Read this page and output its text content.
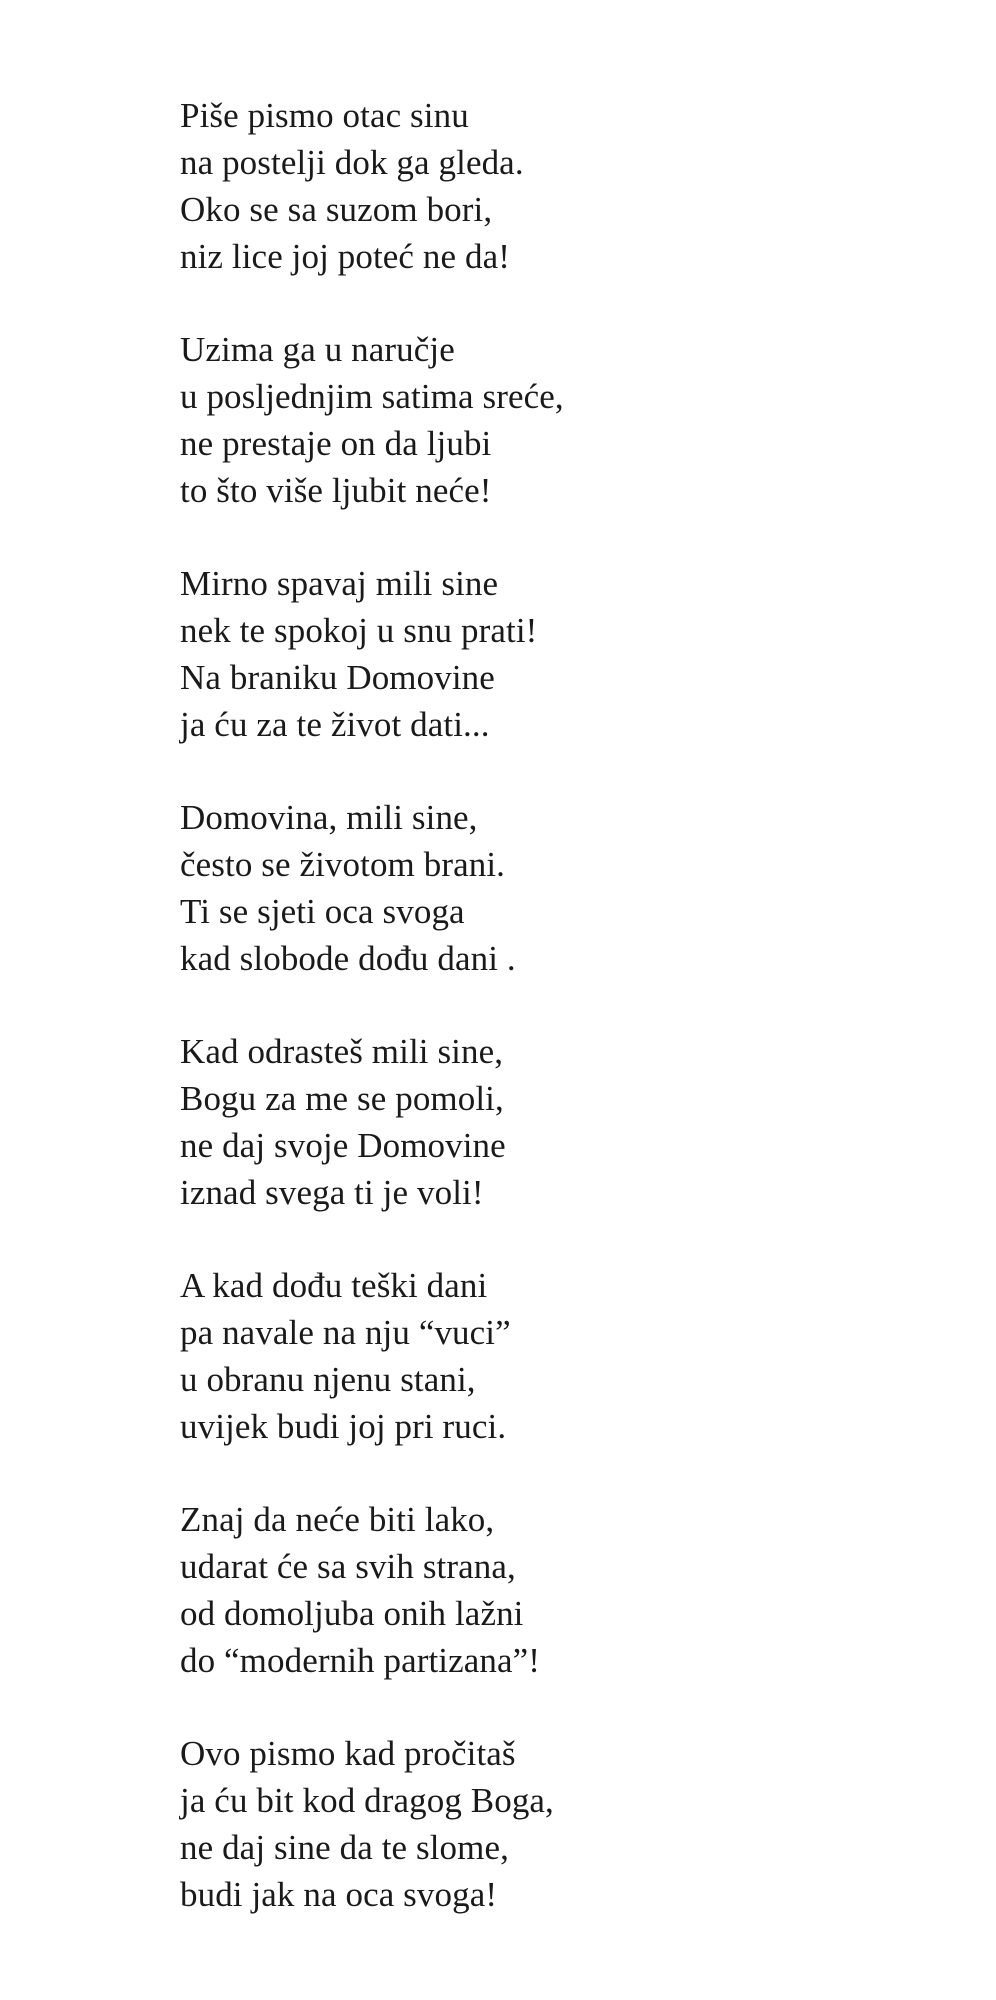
Piše pismo otac sinu
na postelji dok ga gleda.
Oko se sa suzom bori,
niz lice joj poteć ne da!
Uzima ga u naručje
u posljednjim satima sreće,
ne prestaje on da ljubi
to što više ljubit neće!
Mirno spavaj mili sine
nek te spokoj u snu prati!
Na braniku Domovine
ja ću za te život dati...
Domovina, mili sine,
često se životom brani.
Ti se sjeti oca svoga
kad slobode dođu dani .
Kad odrasteš mili sine,
Bogu za me se pomoli,
ne daj svoje Domovine
iznad svega ti je voli!
A kad dođu teški dani
pa navale na nju “vuci”
u obranu njenu stani,
uvijek budi joj pri ruci.
Znaj da neće biti lako,
udarat će sa svih strana,
od domoljuba onih lažni
do “modernih partizana”!
Ovo pismo kad pročitaš
ja ću bit kod dragog Boga,
ne daj sine da te slome,
budi jak na oca svoga!
